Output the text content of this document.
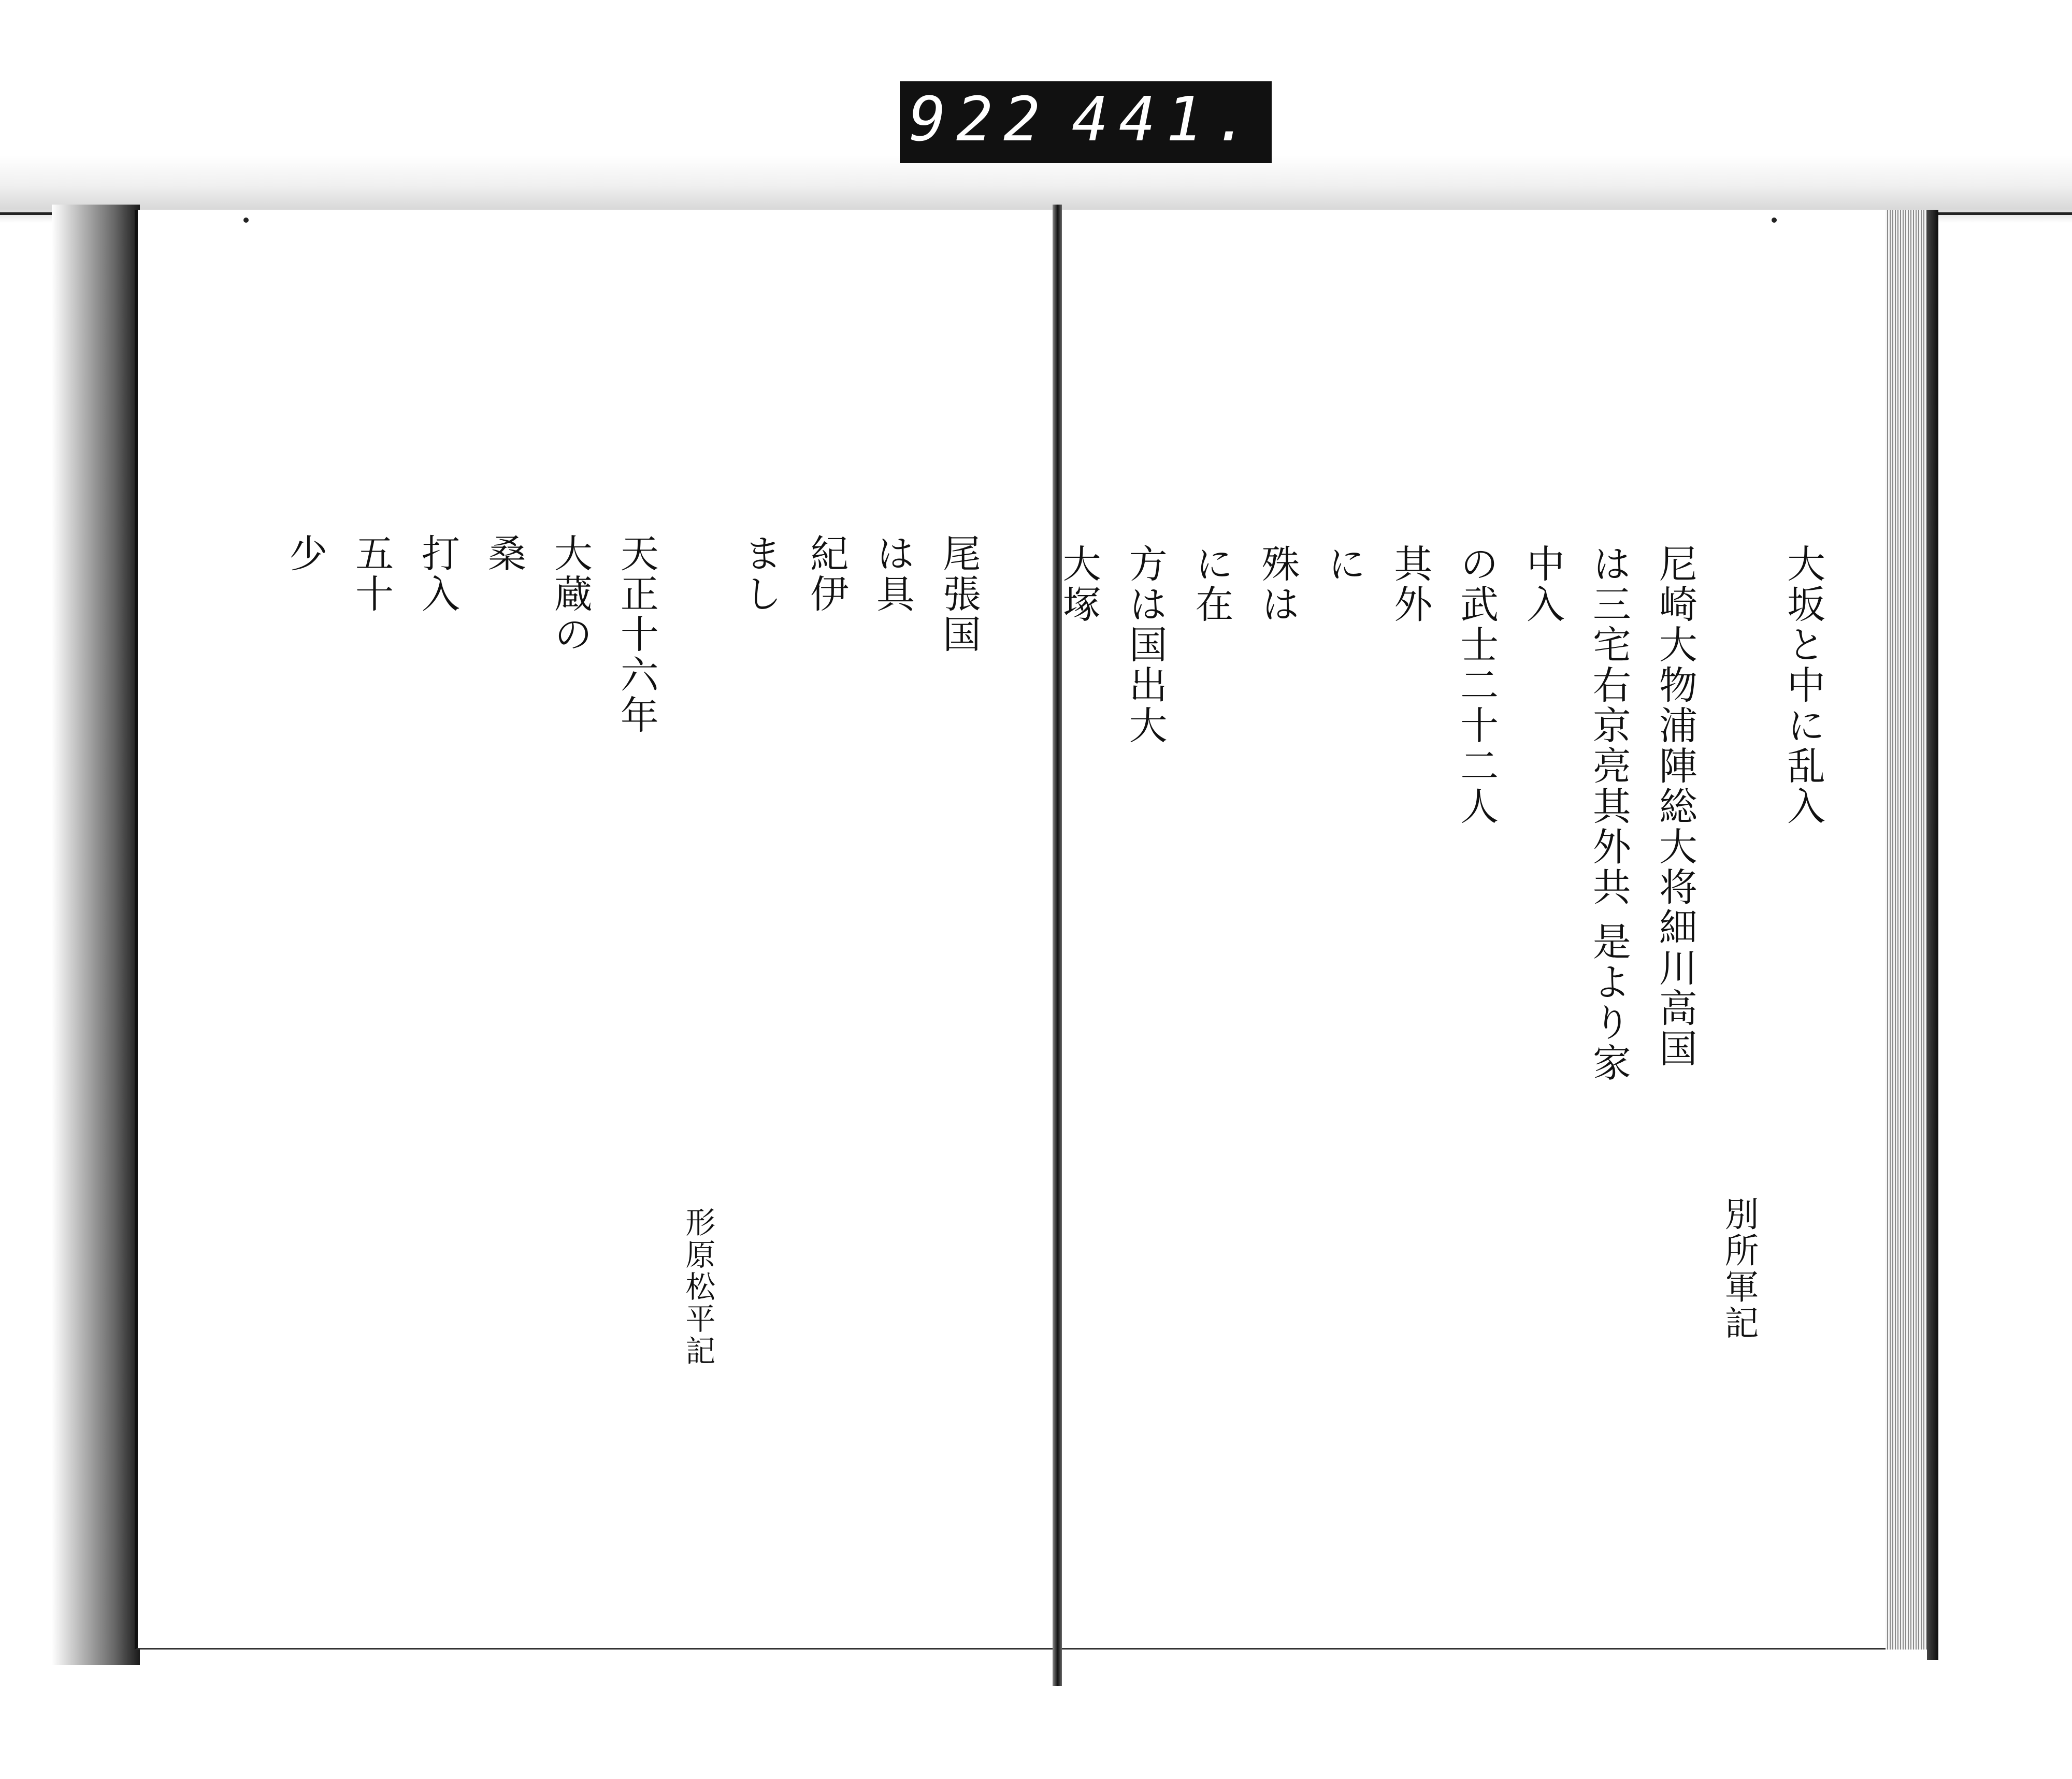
922 441.
大坂と中に乱入
別所軍記
尼崎大物浦陣総大将細川高国
は三宅右京亮其外共 是より家
中入
の武士二十二人
其外
に
殊は
に在
方は国出大
大塚
尾張国
は具
紀伊
まし
形原松平記
天正十六年
大蔵の
桑
打入
五十
少
